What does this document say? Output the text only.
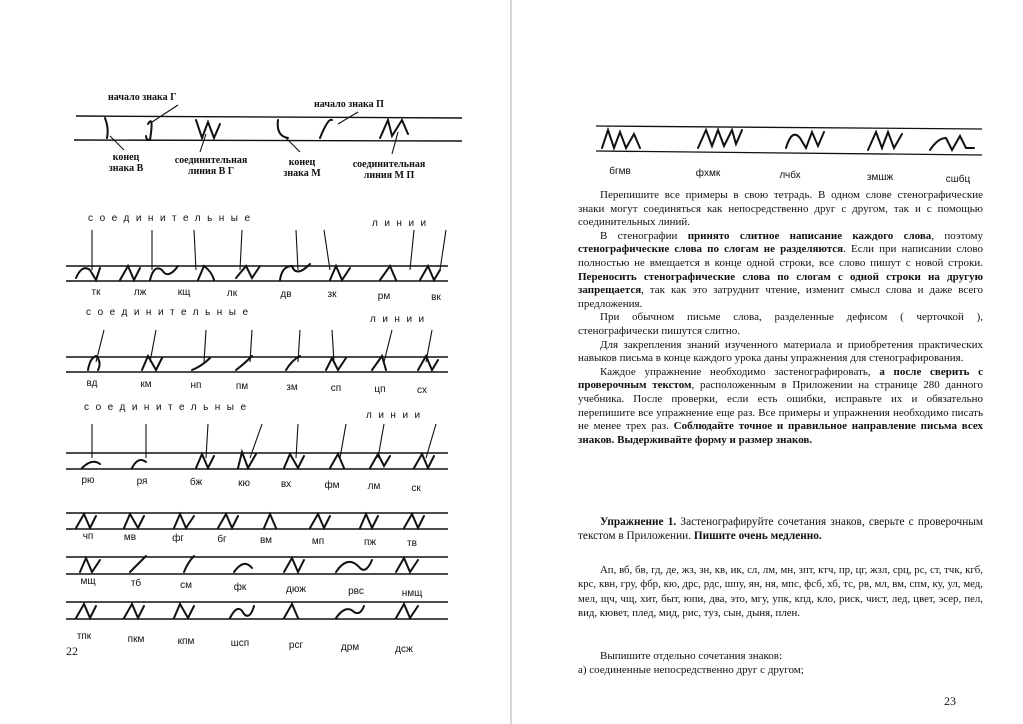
начало знака Г
начало знака П
конец
знака В
соединительная
линия В Г
конец
знака М
соединительная
линия М П
соединительные	линии
тк	лж	кщ	лк	дв	зк	рм	вк
соединительные
линии
вд	км	нп	пм	зм	сп	цп	сх
соединительные
линии
рю	ря	бж	кю	вх	фм	лм	ск
чп	мв	фг	бг	вм	мп	пж	тв
мщ	тб	см	фк	дюж	рвс	нмщ
тпк	пкм	кпм	шсп	рсг	дрм	дсж
22
бгмв	фхмк	лчбх	змшж	сшбц

Перепишите все примеры в свою тетрадь. В одном слове стенографические знаки могут соединяться как непосредственно друг с другом, так и с помощью соединительных линий.

В стенографии принято слитное написание каждого слова, поэтому стенографические слова по слогам не разделяются. Если при написании слово полностью не вмещается в конце одной строки, все слово пишут с новой строки. Переносить стенографические слова по слогам с одной строки на другую запрещается, так как это затруднит чтение, изменит смысл слова и даже всего предложения.

При обычном письме слова, разделенные дефисом ( черточкой ), стенографически пишутся слитно.

Для закрепления знаний изученного материала и приобретения практических навыков письма в конце каждого урока даны упражнения для стенографирования.

Каждое упражнение необходимо застенографировать, а после сверить с проверочным текстом, расположенным в Приложении на странице 280 данного учебника. После проверки, если есть ошибки, исправьте их и обязательно перепишите все упражнение еще раз. Все примеры и упражнения необходимо писать не менее трех раз. Соблюдайте точное и правильное направление письма всех знаков. Выдерживайте форму и размер знаков.

Упражнение 1. Застенографируйте сочетания знаков, сверьте с проверочным текстом в Приложении. Пишите очень медленно.
Ап, вб, бв, гд, де, жз, зн, кв, ик, сл, лм, мн, зпт, ктч, пр, цг, жзл, срц, рс, ст, тчк, кгб, крс, квн, гру, фбр, кю, дрс, рдс, шпу, ян, ня, мпс, фсб, хб, тс, рв, мл, вм, спм, ку, ул, мед, мел, щч, чщ, хит, быт, юпи, два, это, мгу, упк, кпд, кло, риск, чист, лед, цвет, эсер, пел, вид, кювет, плед, мид, рис, туз, сын, дыня, плен.
Выпишите отдельно сочетания знаков:
а) соединенные непосредственно друг с другом;
23
